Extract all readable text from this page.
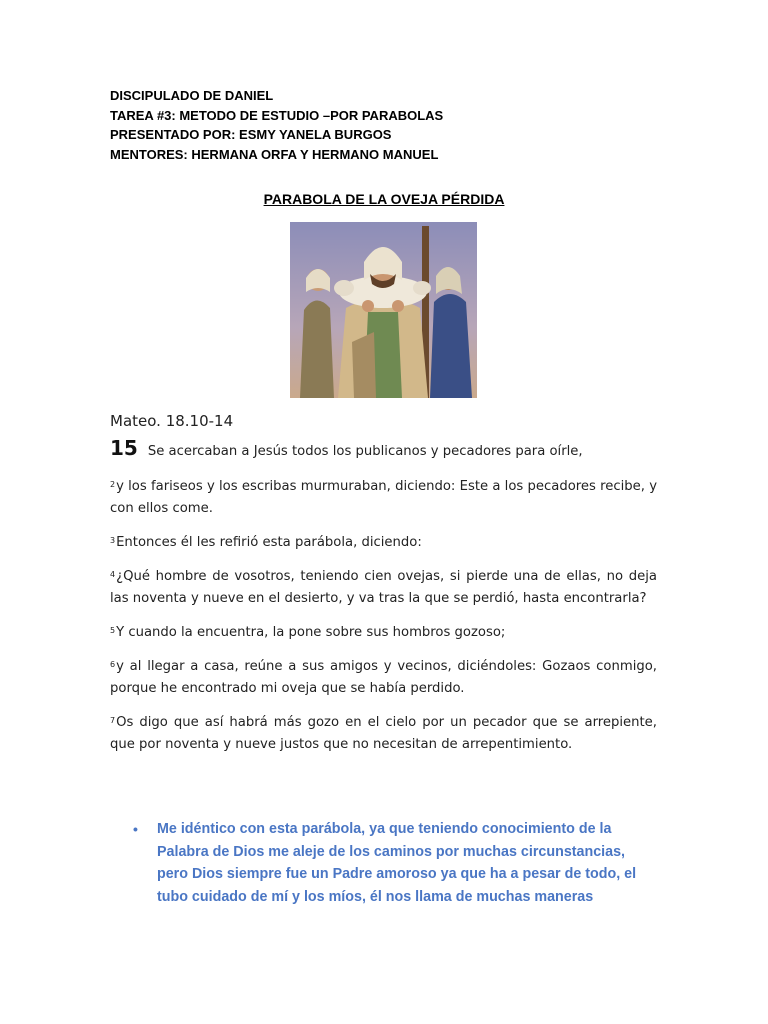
DISCIPULADO DE DANIEL
TAREA #3: METODO DE ESTUDIO –POR PARABOLAS
PRESENTADO POR: ESMY YANELA BURGOS
MENTORES: HERMANA ORFA Y HERMANO MANUEL
PARABOLA DE LA OVEJA PÉRDIDA

Mateo. 18.10-14

15 Se acercaban a Jesús todos los publicanos y pecadores para oírle,

$^2$y los fariseos y los escribas murmuraban, diciendo: Este a los pecadores recibe, y con ellos come.

$^3$Entonces él les refirió esta parábola, diciendo:

$^4$¿Qué hombre de vosotros, teniendo cien ovejas, si pierde una de ellas, no deja las noventa y nueve en el desierto, y va tras la que se perdió, hasta encontrarla?

$^5$Y cuando la encuentra, la pone sobre sus hombros gozoso;

$^6$y al llegar a casa, reúne a sus amigos y vecinos, diciéndoles: Gozaos conmigo, porque he encontrado mi oveja que se había perdido.

$^7$Os digo que así habrá más gozo en el cielo por un pecador que se arrepiente, que por noventa y nueve justos que no necesitan de arrepentimiento.

• Me idéntico con esta parábola, ya que teniendo conocimiento de la Palabra de Dios me aleje de los caminos por muchas circunstancias, pero Dios siempre fue un Padre amoroso ya que ha a pesar de todo, el tubo cuidado de mí y los míos, él nos llama de muchas maneras
